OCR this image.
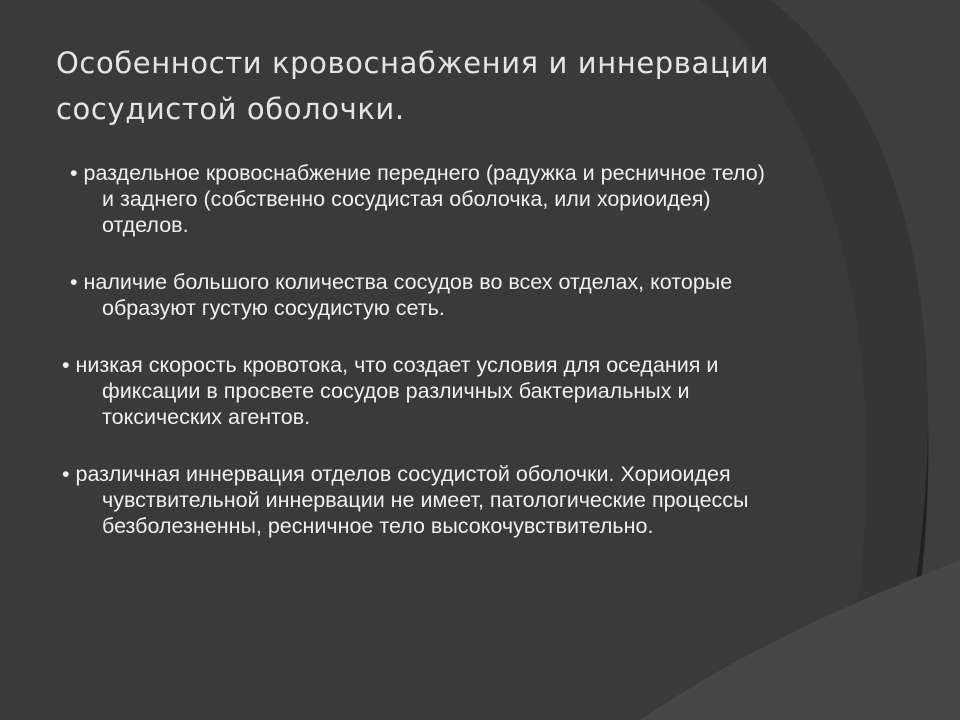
Особенности кровоснабжения и иннервации
сосудистой оболочки.
• раздельное кровоснабжение переднего (радужка и ресничное тело)
и заднего (собственно сосудистая оболочка, или хориоидея)
отделов.
• наличие большого количества сосудов во всех отделах, которые
образуют густую сосудистую сеть.
• низкая скорость кровотока, что создает условия для оседания и
фиксации в просвете сосудов различных бактериальных и
токсических агентов.
• различная иннервация отделов сосудистой оболочки. Хориоидея
чувствительной иннервации не имеет, патологические процессы
безболезненны, ресничное тело высокочувствительно.
